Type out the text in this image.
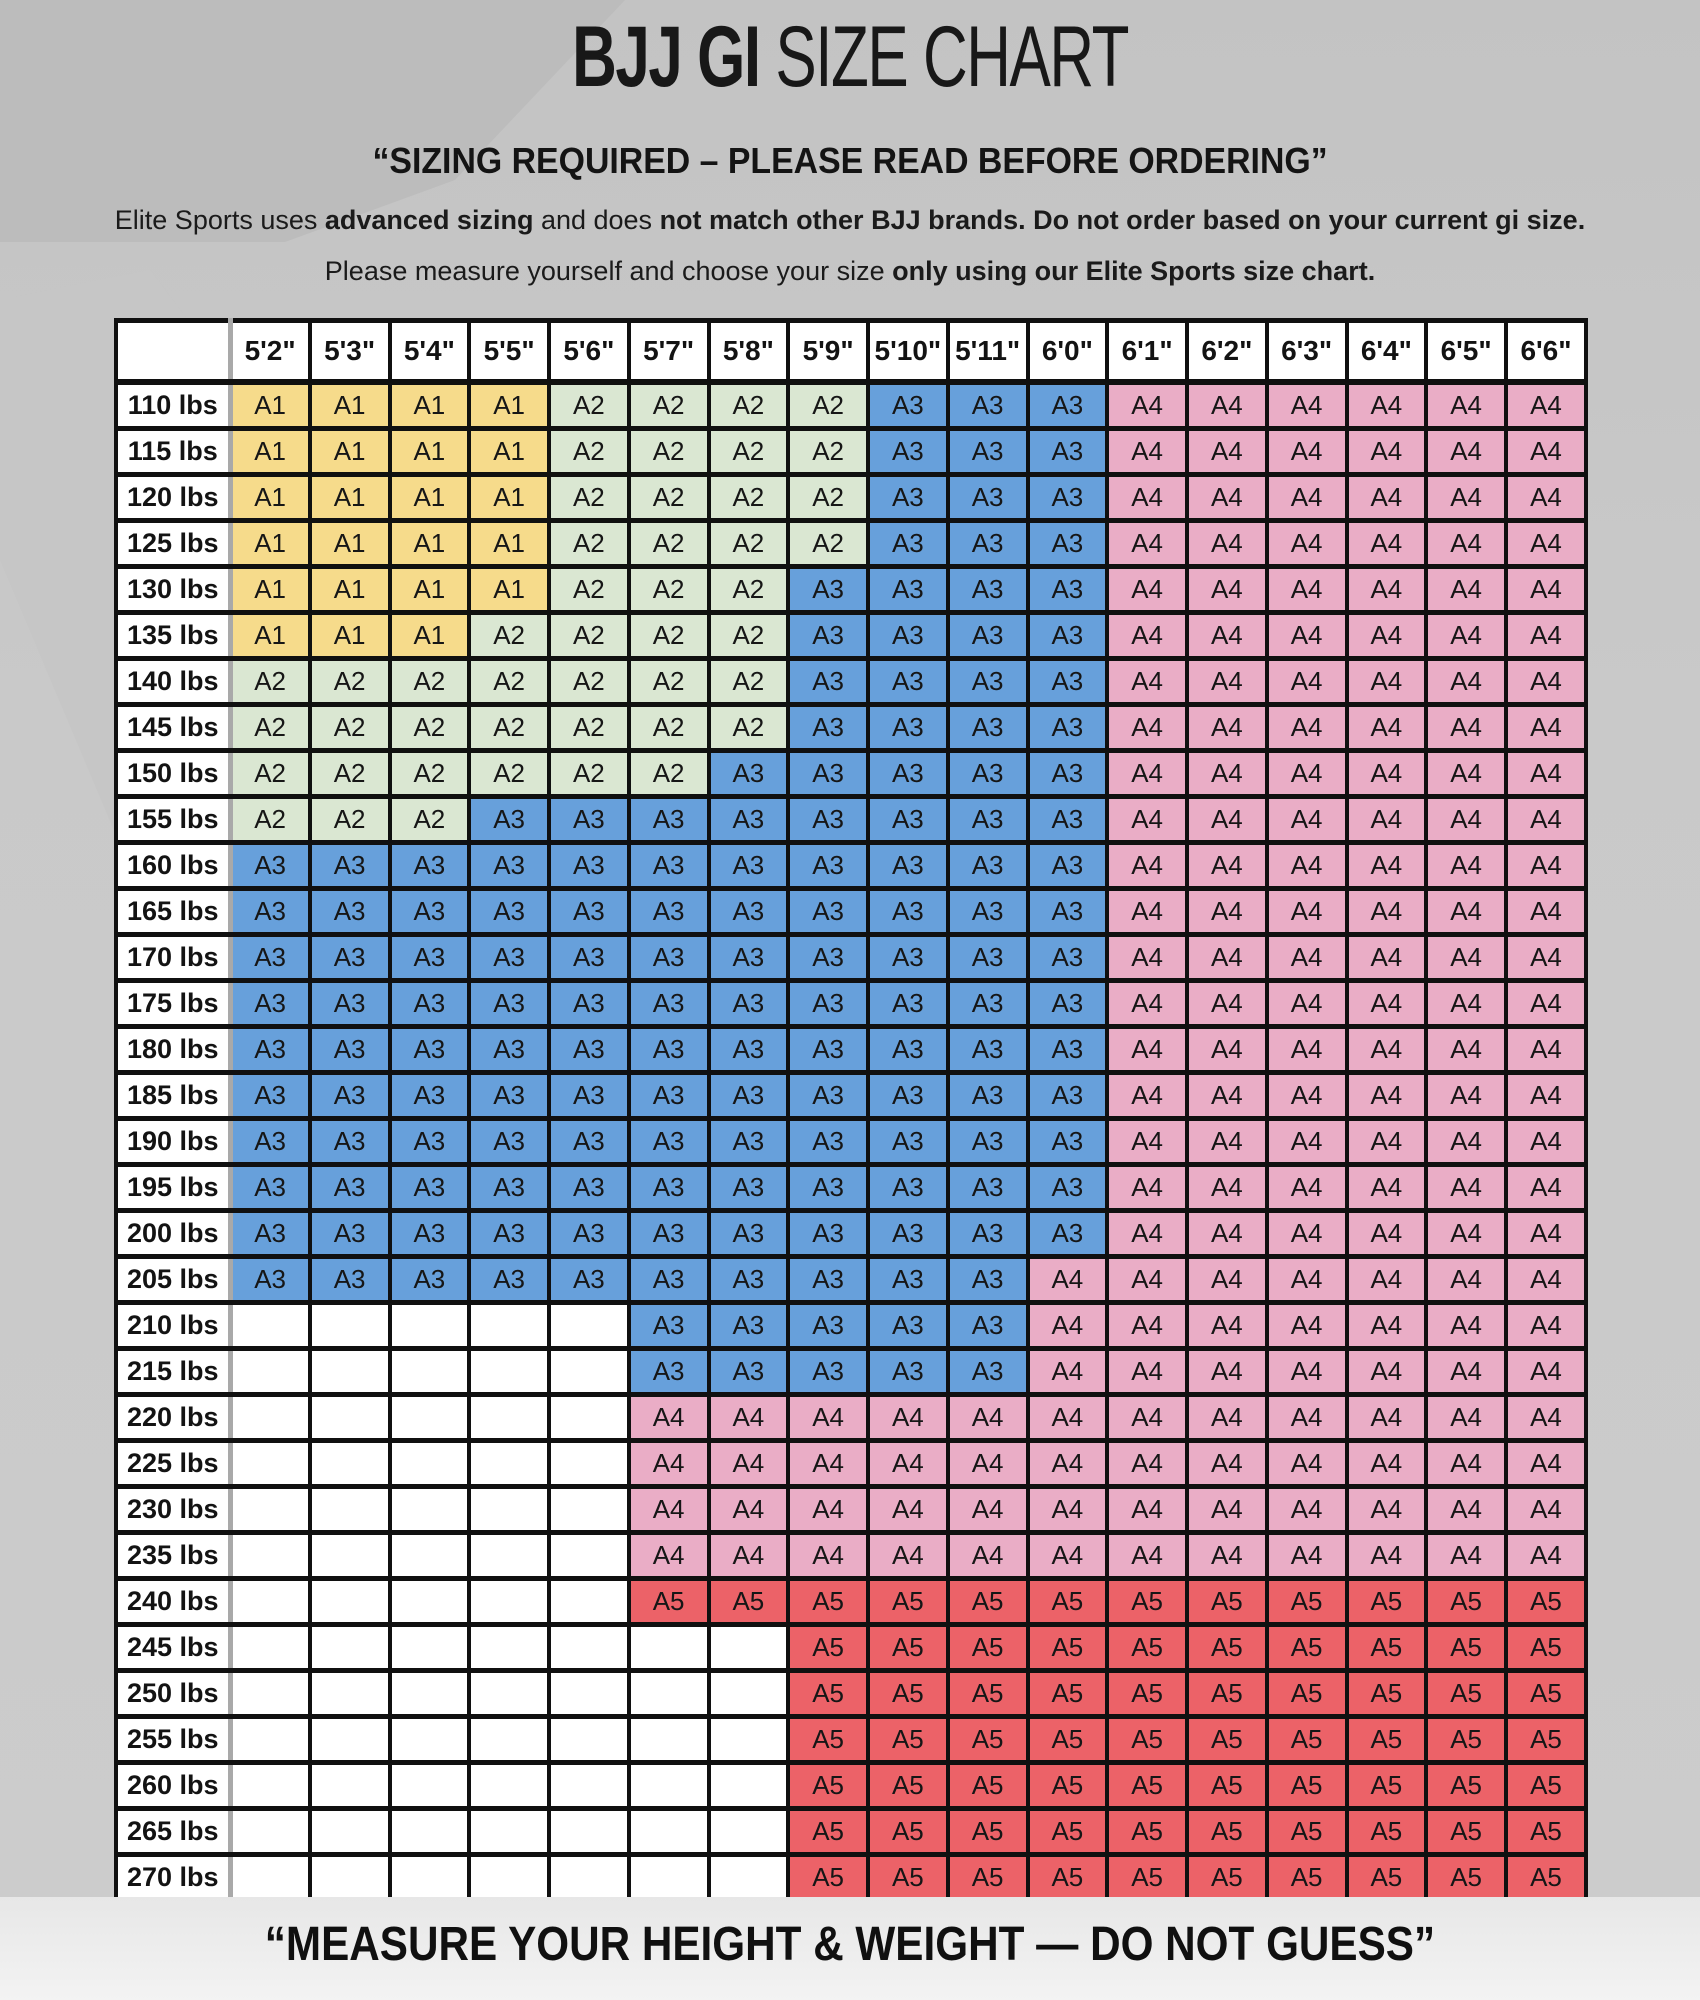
BJJ GI SIZE CHART
“SIZING REQUIRED – PLEASE READ BEFORE ORDERING”

Elite Sports uses advanced sizing and does not match other BJJ brands. Do not order based on your current gi size.

Please measure yourself and choose your size only using our Elite Sports size chart.

	5'2"	5'3"	5'4"	5'5"	5'6"	5'7"	5'8"	5'9"	5'10"	5'11"	6'0"	6'1"	6'2"	6'3"	6'4"	6'5"	6'6"
110 lbs	A1	A1	A1	A1	A2	A2	A2	A2	A3	A3	A3	A4	A4	A4	A4	A4	A4
115 lbs	A1	A1	A1	A1	A2	A2	A2	A2	A3	A3	A3	A4	A4	A4	A4	A4	A4
120 lbs	A1	A1	A1	A1	A2	A2	A2	A2	A3	A3	A3	A4	A4	A4	A4	A4	A4
125 lbs	A1	A1	A1	A1	A2	A2	A2	A2	A3	A3	A3	A4	A4	A4	A4	A4	A4
130 lbs	A1	A1	A1	A1	A2	A2	A2	A3	A3	A3	A3	A4	A4	A4	A4	A4	A4
135 lbs	A1	A1	A1	A2	A2	A2	A2	A3	A3	A3	A3	A4	A4	A4	A4	A4	A4
140 lbs	A2	A2	A2	A2	A2	A2	A2	A3	A3	A3	A3	A4	A4	A4	A4	A4	A4
145 lbs	A2	A2	A2	A2	A2	A2	A2	A3	A3	A3	A3	A4	A4	A4	A4	A4	A4
150 lbs	A2	A2	A2	A2	A2	A2	A3	A3	A3	A3	A3	A4	A4	A4	A4	A4	A4
155 lbs	A2	A2	A2	A3	A3	A3	A3	A3	A3	A3	A3	A4	A4	A4	A4	A4	A4
160 lbs	A3	A3	A3	A3	A3	A3	A3	A3	A3	A3	A3	A4	A4	A4	A4	A4	A4
165 lbs	A3	A3	A3	A3	A3	A3	A3	A3	A3	A3	A3	A4	A4	A4	A4	A4	A4
170 lbs	A3	A3	A3	A3	A3	A3	A3	A3	A3	A3	A3	A4	A4	A4	A4	A4	A4
175 lbs	A3	A3	A3	A3	A3	A3	A3	A3	A3	A3	A3	A4	A4	A4	A4	A4	A4
180 lbs	A3	A3	A3	A3	A3	A3	A3	A3	A3	A3	A3	A4	A4	A4	A4	A4	A4
185 lbs	A3	A3	A3	A3	A3	A3	A3	A3	A3	A3	A3	A4	A4	A4	A4	A4	A4
190 lbs	A3	A3	A3	A3	A3	A3	A3	A3	A3	A3	A3	A4	A4	A4	A4	A4	A4
195 lbs	A3	A3	A3	A3	A3	A3	A3	A3	A3	A3	A3	A4	A4	A4	A4	A4	A4
200 lbs	A3	A3	A3	A3	A3	A3	A3	A3	A3	A3	A3	A4	A4	A4	A4	A4	A4
205 lbs	A3	A3	A3	A3	A3	A3	A3	A3	A3	A3	A4	A4	A4	A4	A4	A4	A4
210 lbs						A3	A3	A3	A3	A3	A4	A4	A4	A4	A4	A4	A4
215 lbs						A3	A3	A3	A3	A3	A4	A4	A4	A4	A4	A4	A4
220 lbs						A4	A4	A4	A4	A4	A4	A4	A4	A4	A4	A4	A4
225 lbs						A4	A4	A4	A4	A4	A4	A4	A4	A4	A4	A4	A4
230 lbs						A4	A4	A4	A4	A4	A4	A4	A4	A4	A4	A4	A4
235 lbs						A4	A4	A4	A4	A4	A4	A4	A4	A4	A4	A4	A4
240 lbs						A5	A5	A5	A5	A5	A5	A5	A5	A5	A5	A5	A5
245 lbs								A5	A5	A5	A5	A5	A5	A5	A5	A5	A5
250 lbs								A5	A5	A5	A5	A5	A5	A5	A5	A5	A5
255 lbs								A5	A5	A5	A5	A5	A5	A5	A5	A5	A5
260 lbs								A5	A5	A5	A5	A5	A5	A5	A5	A5	A5
265 lbs								A5	A5	A5	A5	A5	A5	A5	A5	A5	A5
270 lbs								A5	A5	A5	A5	A5	A5	A5	A5	A5	A5
“MEASURE YOUR HEIGHT & WEIGHT — DO NOT GUESS”
